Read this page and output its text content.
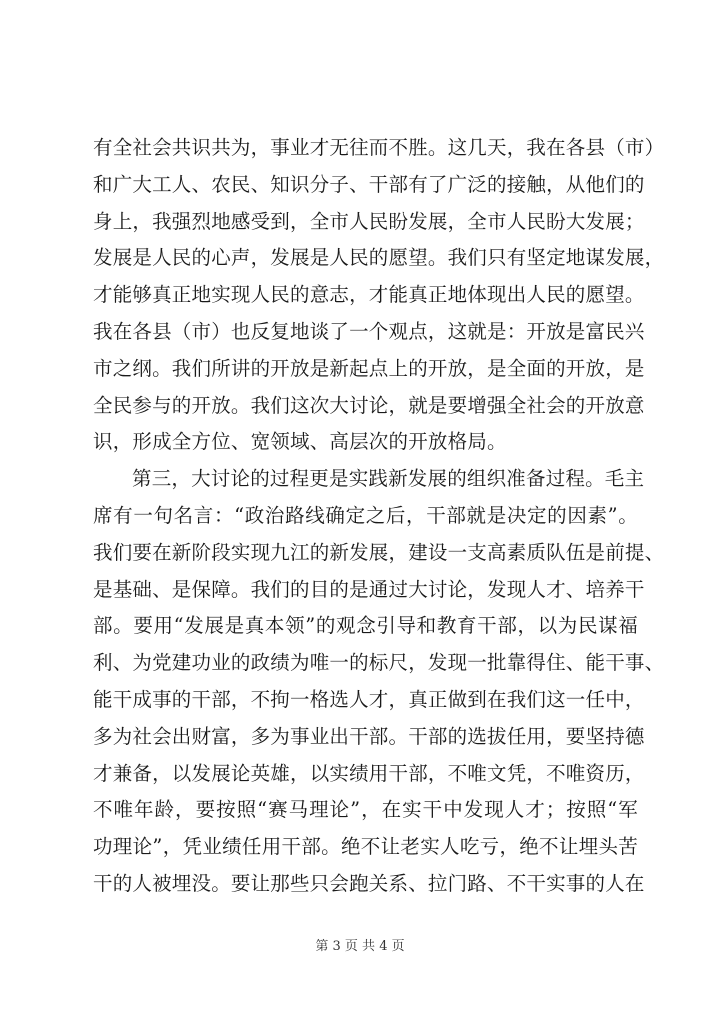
有全社会共识共为，事业才无往而不胜。这几天，我在各县（市）
和广大工人、农民、知识分子、干部有了广泛的接触，从他们的
身上，我强烈地感受到，全市人民盼发展，全市人民盼大发展；
发展是人民的心声，发展是人民的愿望。我们只有坚定地谋发展，
才能够真正地实现人民的意志，才能真正地体现出人民的愿望。
我在各县（市）也反复地谈了一个观点，这就是：开放是富民兴
市之纲。我们所讲的开放是新起点上的开放，是全面的开放，是
全民参与的开放。我们这次大讨论，就是要增强全社会的开放意
识，形成全方位、宽领域、高层次的开放格局。
第三，大讨论的过程更是实践新发展的组织准备过程。毛主
席有一句名言：“政治路线确定之后，干部就是决定的因素”。
我们要在新阶段实现九江的新发展，建设一支高素质队伍是前提、
是基础、是保障。我们的目的是通过大讨论，发现人才、培养干
部。要用“发展是真本领”的观念引导和教育干部，以为民谋福
利、为党建功业的政绩为唯一的标尺，发现一批靠得住、能干事、
能干成事的干部，不拘一格选人才，真正做到在我们这一任中，
多为社会出财富，多为事业出干部。干部的选拔任用，要坚持德
才兼备，以发展论英雄，以实绩用干部，不唯文凭，不唯资历，
不唯年龄，要按照“赛马理论”，在实干中发现人才；按照“军
功理论”，凭业绩任用干部。绝不让老实人吃亏，绝不让埋头苦
干的人被埋没。要让那些只会跑关系、拉门路、不干实事的人在
第 3 页 共 4 页
